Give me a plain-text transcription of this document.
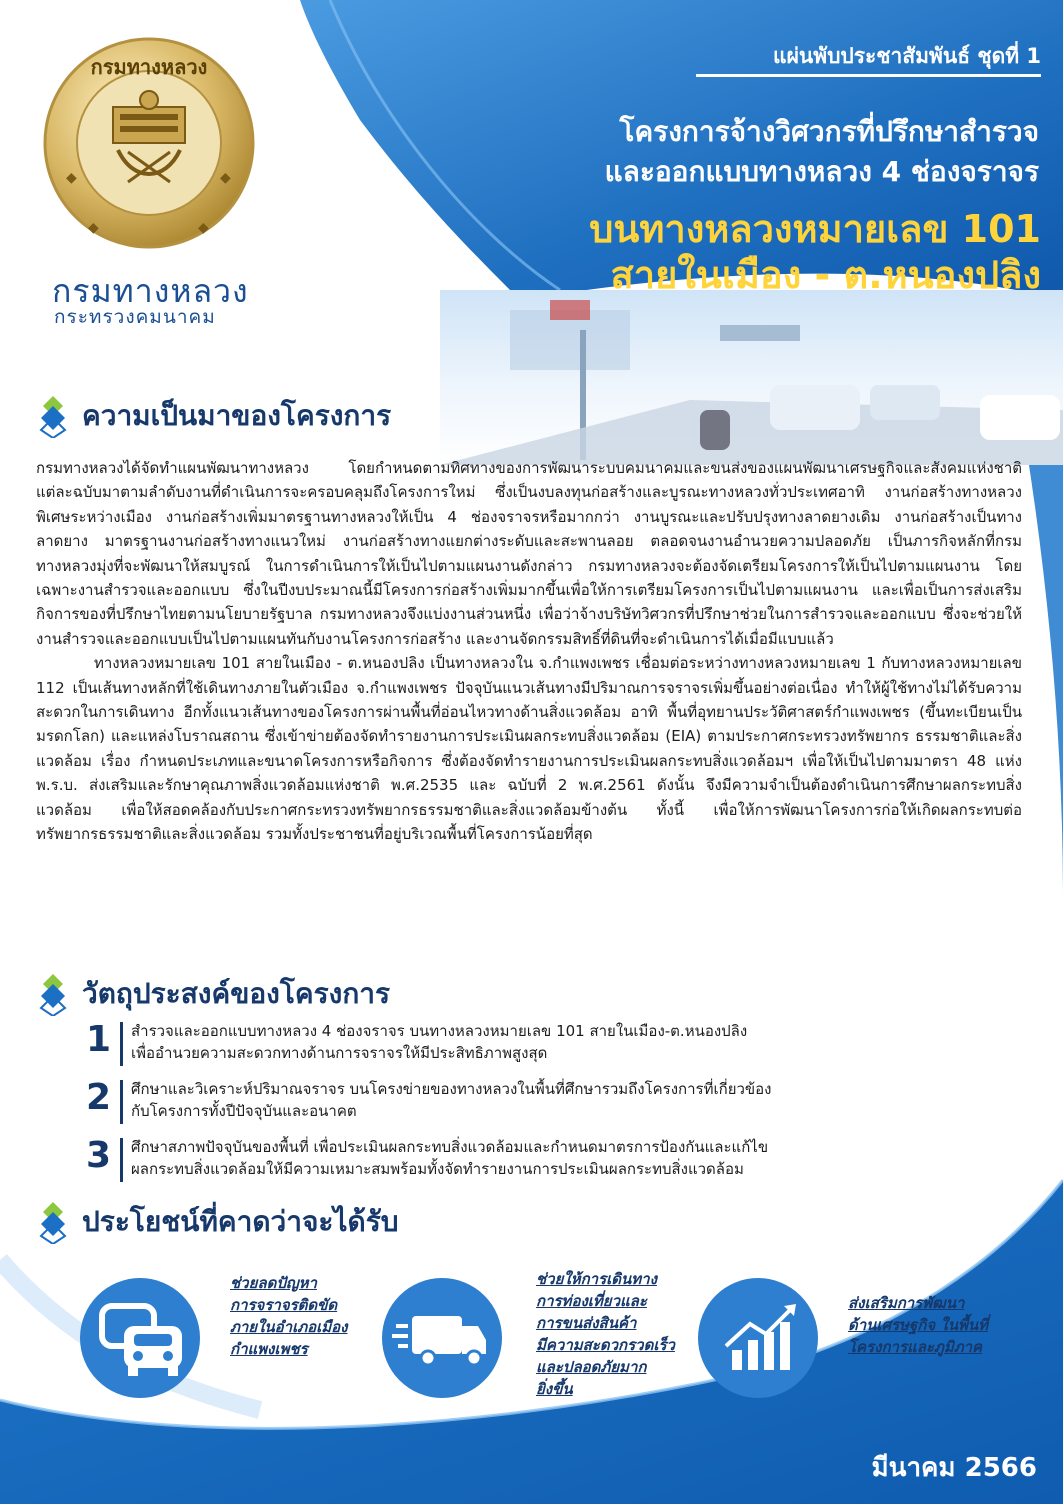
กรมทางหลวง
◆	◆
◆	◆
กรมทางหลวง
กระทรวงคมนาคม
แผ่นพับประชาสัมพันธ์ ชุดที่ 1
โครงการจ้างวิศวกรที่ปรึกษาสำรวจ
และออกแบบทางหลวง 4 ช่องจราจร
บนทางหลวงหมายเลข 101
สายในเมือง - ต.หนองปลิง
ความเป็นมาของโครงการ

กรมทางหลวงได้จัดทำแผนพัฒนาทางหลวง โดยกำหนดตามทิศทางของการพัฒนาระบบคมนาคมและขนส่งของแผนพัฒนาเศรษฐกิจและสังคมแห่งชาติแต่ละฉบับมาตามลำดับงานที่ดำเนินการจะครอบคลุมถึงโครงการใหม่ ซึ่งเป็นงบลงทุนก่อสร้างและบูรณะทางหลวงทั่วประเทศอาทิ งานก่อสร้างทางหลวงพิเศษระหว่างเมือง งานก่อสร้างเพิ่มมาตรฐานทางหลวงให้เป็น 4 ช่องจราจรหรือมากกว่า งานบูรณะและปรับปรุงทางลาดยางเดิม งานก่อสร้างเป็นทางลาดยาง มาตรฐานงานก่อสร้างทางแนวใหม่ งานก่อสร้างทางแยกต่างระดับและสะพานลอย ตลอดจนงานอำนวยความปลอดภัย เป็นภารกิจหลักที่กรมทางหลวงมุ่งที่จะพัฒนาให้สมบูรณ์ ในการดำเนินการให้เป็นไปตามแผนงานดังกล่าว กรมทางหลวงจะต้องจัดเตรียมโครงการให้เป็นไปตามแผนงาน โดยเฉพาะงานสำรวจและออกแบบ ซึ่งในปีงบประมาณนี้มีโครงการก่อสร้างเพิ่มมากขึ้นเพื่อให้การเตรียมโครงการเป็นไปตามแผนงาน และเพื่อเป็นการส่งเสริมกิจการของที่ปรึกษาไทยตามนโยบายรัฐบาล กรมทางหลวงจึงแบ่งงานส่วนหนึ่ง เพื่อว่าจ้างบริษัทวิศวกรที่ปรึกษาช่วยในการสำรวจและออกแบบ ซึ่งจะช่วยให้งานสำรวจและออกแบบเป็นไปตามแผนทันกับงานโครงการก่อสร้าง และงานจัดกรรมสิทธิ์ที่ดินที่จะดำเนินการได้เมื่อมีแบบแล้ว

ทางหลวงหมายเลข 101 สายในเมือง - ต.หนองปลิง เป็นทางหลวงใน จ.กำแพงเพชร เชื่อมต่อระหว่างทางหลวงหมายเลข 1 กับทางหลวงหมายเลข 112 เป็นเส้นทางหลักที่ใช้เดินทางภายในตัวเมือง จ.กำแพงเพชร ปัจจุบันแนวเส้นทางมีปริมาณการจราจรเพิ่มขึ้นอย่างต่อเนื่อง ทำให้ผู้ใช้ทางไม่ได้รับความสะดวกในการเดินทาง อีกทั้งแนวเส้นทางของโครงการผ่านพื้นที่อ่อนไหวทางด้านสิ่งแวดล้อม อาทิ พื้นที่อุทยานประวัติศาสตร์กำแพงเพชร (ขึ้นทะเบียนเป็นมรดกโลก) และแหล่งโบราณสถาน ซึ่งเข้าข่ายต้องจัดทำรายงานการประเมินผลกระทบสิ่งแวดล้อม (EIA) ตามประกาศกระทรวงทรัพยากร ธรรมชาติและสิ่งแวดล้อม เรื่อง กำหนดประเภทและขนาดโครงการหรือกิจการ ซึ่งต้องจัดทำรายงานการประเมินผลกระทบสิ่งแวดล้อมฯ เพื่อให้เป็นไปตามมาตรา 48 แห่ง พ.ร.บ. ส่งเสริมและรักษาคุณภาพสิ่งแวดล้อมแห่งชาติ พ.ศ.2535 และ ฉบับที่ 2 พ.ศ.2561 ดังนั้น จึงมีความจำเป็นต้องดำเนินการศึกษาผลกระทบสิ่งแวดล้อม เพื่อให้สอดคล้องกับประกาศกระทรวงทรัพยากรธรรมชาติและสิ่งแวดล้อมข้างต้น ทั้งนี้ เพื่อให้การพัฒนาโครงการก่อให้เกิดผลกระทบต่อทรัพยากรธรรมชาติและสิ่งแวดล้อม รวมทั้งประชาชนที่อยู่บริเวณพื้นที่โครงการน้อยที่สุด

วัตถุประสงค์ของโครงการ
1 สำรวจและออกแบบทางหลวง 4 ช่องจราจร บนทางหลวงหมายเลข 101 สายในเมือง-ต.หนองปลิง
เพื่ออำนวยความสะดวกทางด้านการจราจรให้มีประสิทธิภาพสูงสุด
2 ศึกษาและวิเคราะห์ปริมาณจราจร บนโครงข่ายของทางหลวงในพื้นที่ศึกษารวมถึงโครงการที่เกี่ยวข้อง
กับโครงการทั้งปีปัจจุบันและอนาคต
3 ศึกษาสภาพปัจจุบันของพื้นที่ เพื่อประเมินผลกระทบสิ่งแวดล้อมและกำหนดมาตรการป้องกันและแก้ไข
ผลกระทบสิ่งแวดล้อมให้มีความเหมาะสมพร้อมทั้งจัดทำรายงานการประเมินผลกระทบสิ่งแวดล้อม
ประโยชน์ที่คาดว่าจะได้รับ
ช่วยลดปัญหา
การจราจรติดขัด
ภายในอำเภอเมือง
กำแพงเพชร
ช่วยให้การเดินทาง
การท่องเที่ยวและ
การขนส่งสินค้า
มีความสะดวกรวดเร็ว
และปลอดภัยมาก
ยิ่งขึ้น
ส่งเสริมการพัฒนา
ด้านเศรษฐกิจ ในพื้นที่
โครงการและภูมิภาค
มีนาคม 2566
